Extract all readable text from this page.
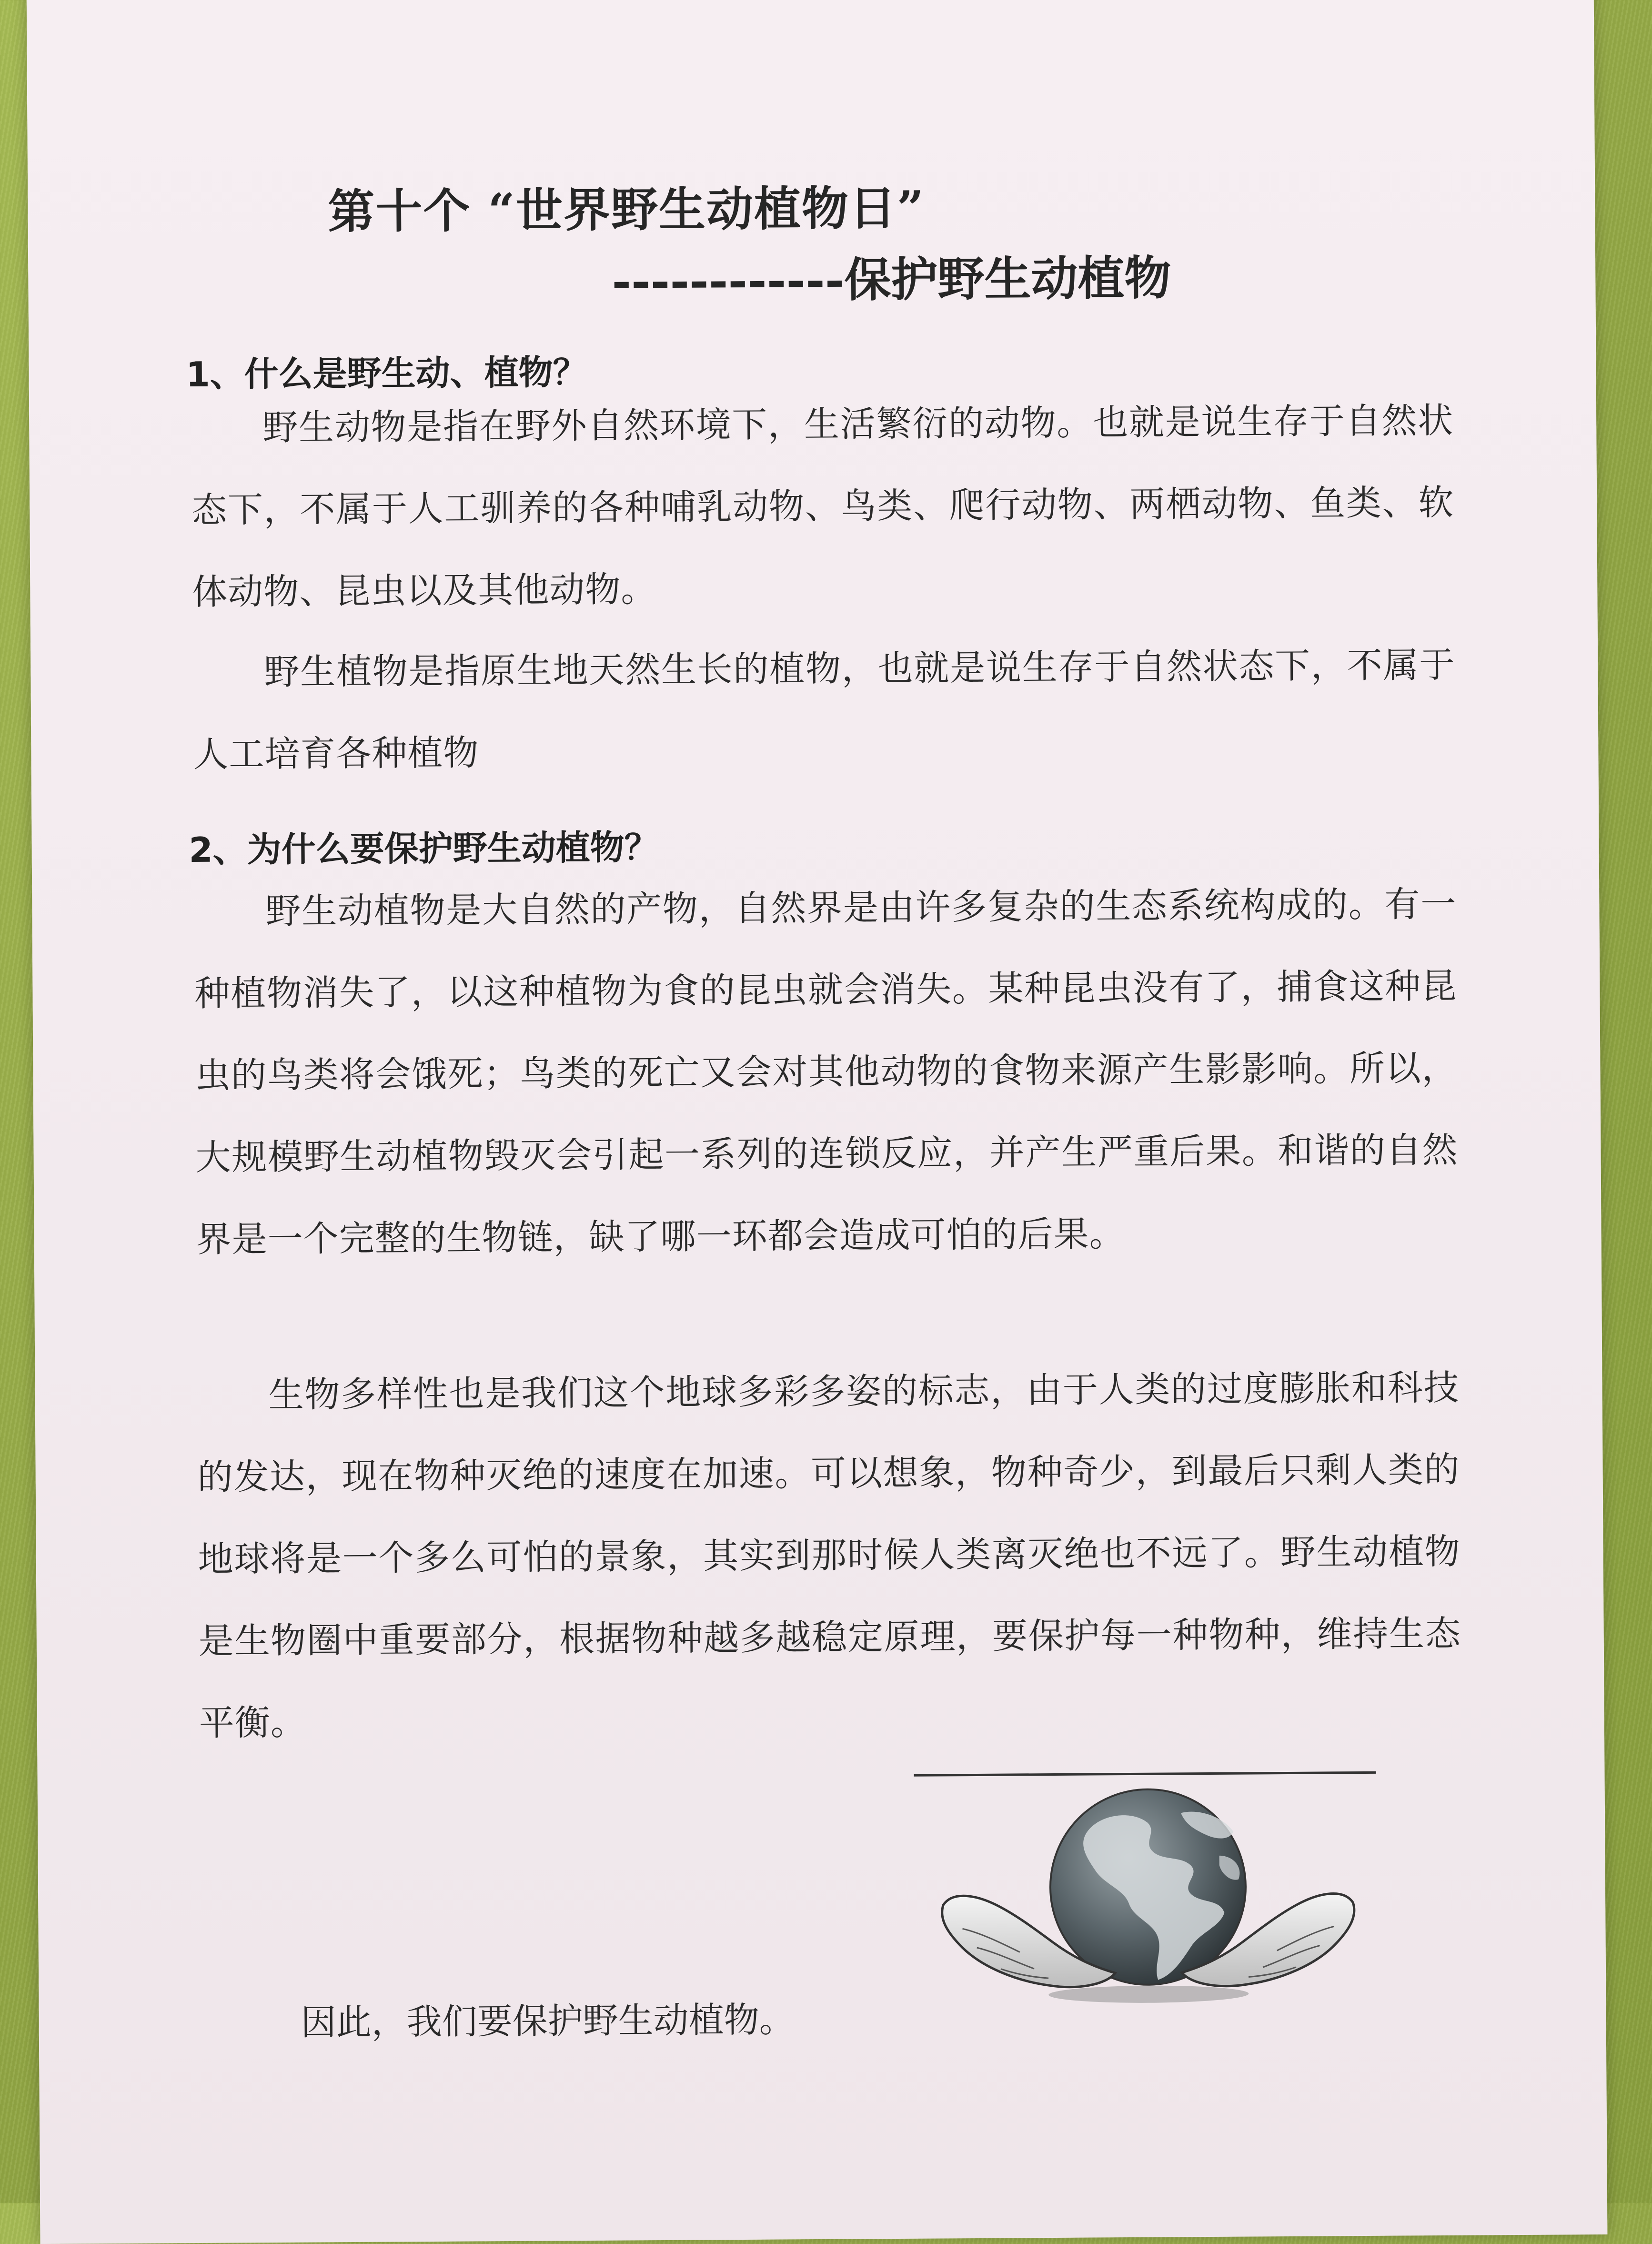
第十个 “世界野生动植物日”
------------保护野生动植物
1、什么是野生动、植物？
野生动物是指在野外自然环境下，生活繁衍的动物。也就是说生存于自然状态下，不属于人工驯养的各种哺乳动物、鸟类、爬行动物、两栖动物、鱼类、软体动物、昆虫以及其他动物。
野生植物是指原生地天然生长的植物，也就是说生存于自然状态下，不属于人工培育各种植物
2、为什么要保护野生动植物？
野生动植物是大自然的产物，自然界是由许多复杂的生态系统构成的。有一种植物消失了，以这种植物为食的昆虫就会消失。某种昆虫没有了，捕食这种昆虫的鸟类将会饿死；鸟类的死亡又会对其他动物的食物来源产生影影响。所以，大规模野生动植物毁灭会引起一系列的连锁反应，并产生严重后果。和谐的自然界是一个完整的生物链，缺了哪一环都会造成可怕的后果。
生物多样性也是我们这个地球多彩多姿的标志，由于人类的过度膨胀和科技的发达，现在物种灭绝的速度在加速。可以想象，物种奇少，到最后只剩人类的地球将是一个多么可怕的景象，其实到那时候人类离灭绝也不远了。野生动植物是生物圈中重要部分，根据物种越多越稳定原理，要保护每一种物种，维持生态平衡。
因此，我们要保护野生动植物。
